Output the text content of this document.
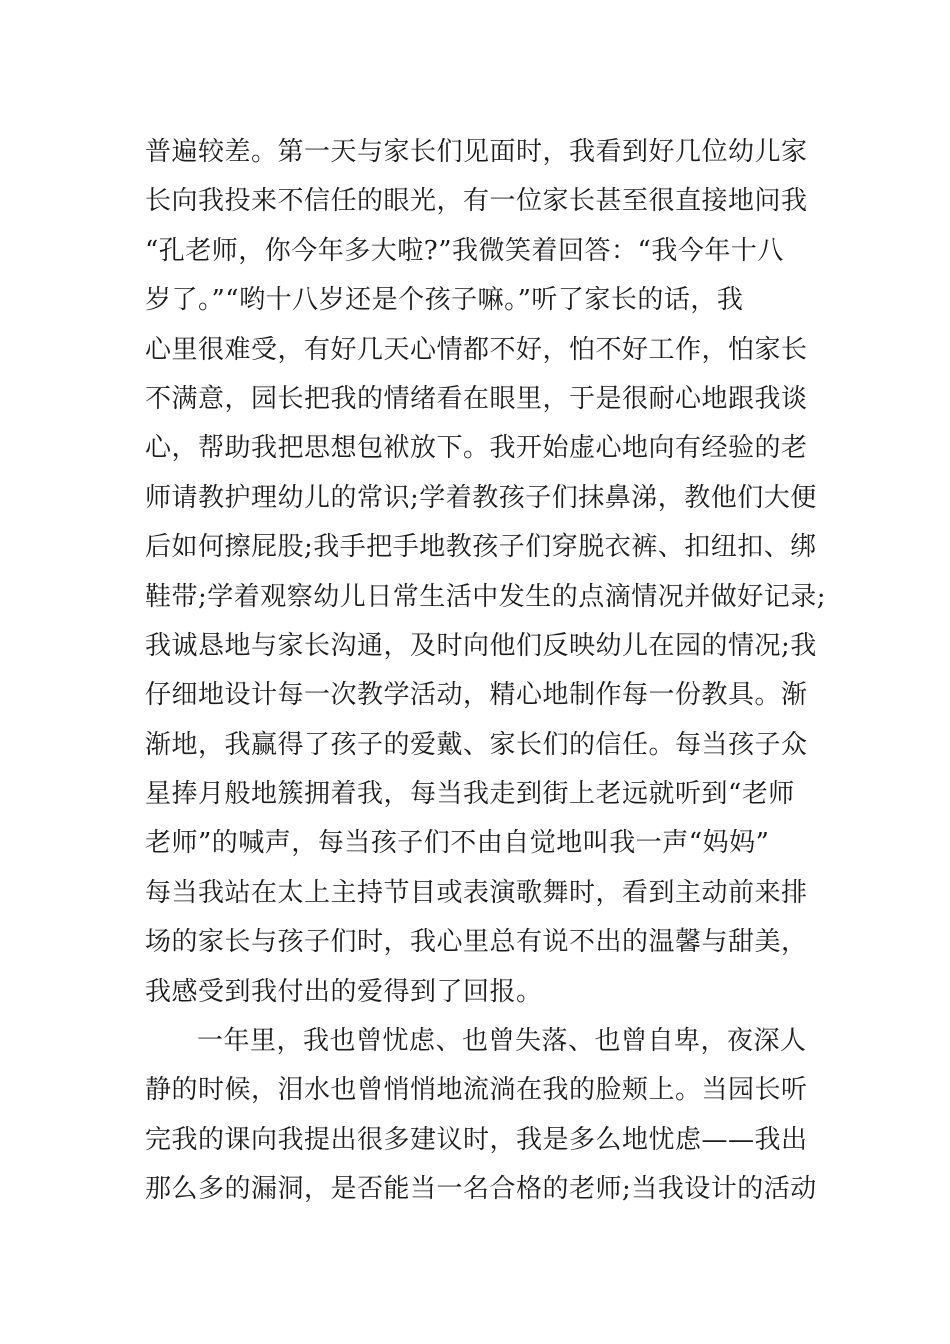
普遍较差。第一天与家长们见面时，我看到好几位幼儿家
长向我投来不信任的眼光，有一位家长甚至很直接地问我
“孔老师，你今年多大啦?”我微笑着回答：“我今年十八
岁了。”“哟十八岁还是个孩子嘛。”听了家长的话，我
心里很难受，有好几天心情都不好，怕不好工作，怕家长
不满意，园长把我的情绪看在眼里，于是很耐心地跟我谈
心，帮助我把思想包袱放下。我开始虚心地向有经验的老
师请教护理幼儿的常识;学着教孩子们抹鼻涕，教他们大便
后如何擦屁股;我手把手地教孩子们穿脱衣裤、扣纽扣、绑
鞋带;学着观察幼儿日常生活中发生的点滴情况并做好记录;
我诚恳地与家长沟通，及时向他们反映幼儿在园的情况;我
仔细地设计每一次教学活动，精心地制作每一份教具。渐
渐地，我赢得了孩子的爱戴、家长们的信任。每当孩子众
星捧月般地簇拥着我，每当我走到街上老远就听到“老师
老师”的喊声，每当孩子们不由自觉地叫我一声“妈妈”
每当我站在太上主持节目或表演歌舞时，看到主动前来排
场的家长与孩子们时，我心里总有说不出的温馨与甜美，
我感受到我付出的爱得到了回报。
一年里，我也曾忧虑、也曾失落、也曾自卑，夜深人
静的时候，泪水也曾悄悄地流淌在我的脸颊上。当园长听
完我的课向我提出很多建议时，我是多么地忧虑——我出
那么多的漏洞，是否能当一名合格的老师;当我设计的活动
